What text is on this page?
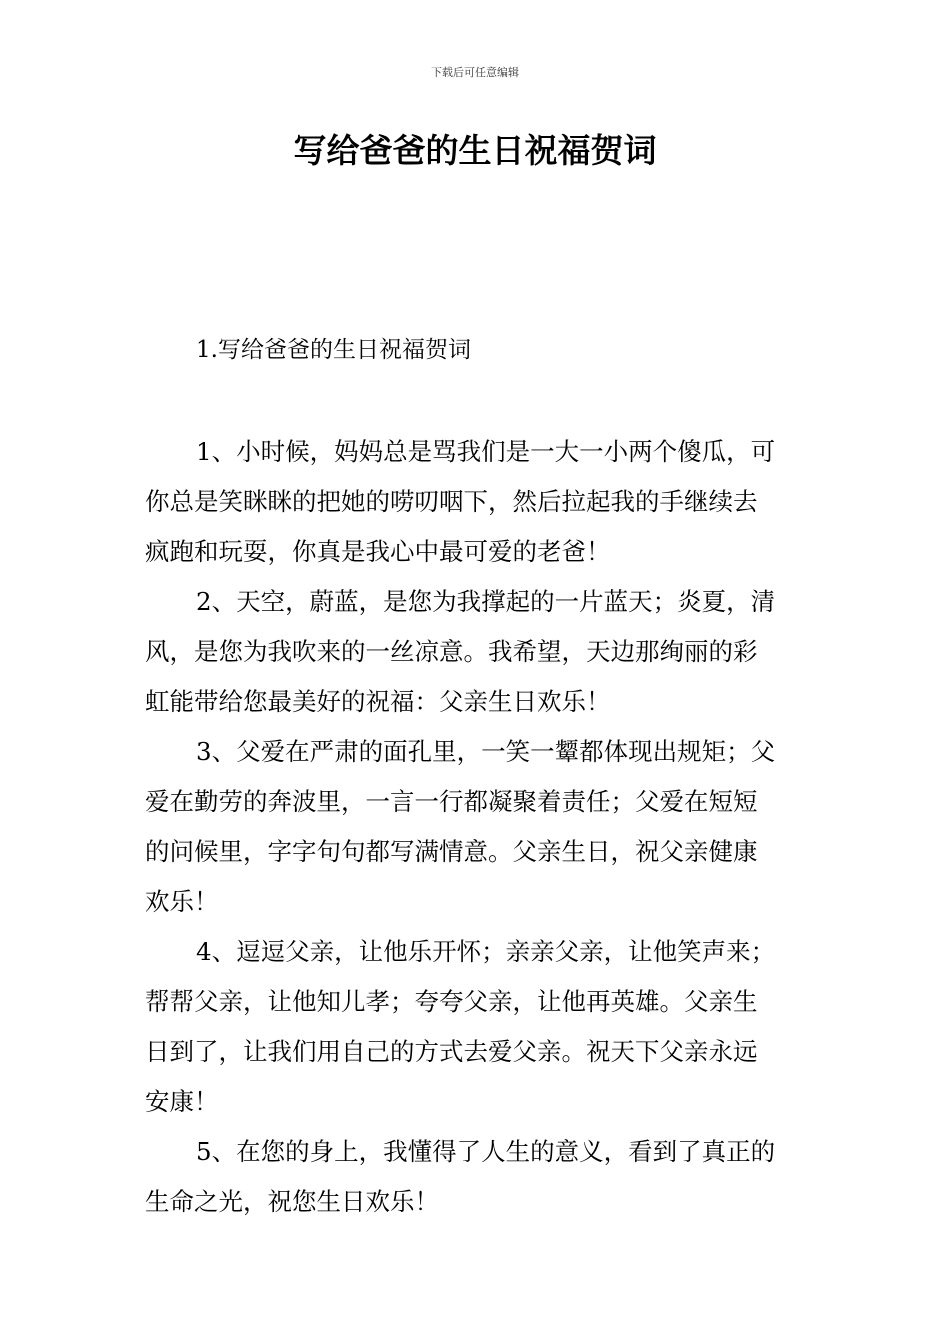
下载后可任意编辑
写给爸爸的生日祝福贺词

1.写给爸爸的生日祝福贺词

1、小时候，妈妈总是骂我们是一大一小两个傻瓜，可
你总是笑眯眯的把她的唠叨咽下，然后拉起我的手继续去
疯跑和玩耍，你真是我心中最可爱的老爸！
2、天空，蔚蓝，是您为我撑起的一片蓝天；炎夏，清
风，是您为我吹来的一丝凉意。我希望，天边那绚丽的彩
虹能带给您最美好的祝福：父亲生日欢乐！
3、父爱在严肃的面孔里，一笑一颦都体现出规矩；父
爱在勤劳的奔波里，一言一行都凝聚着责任；父爱在短短
的问候里，字字句句都写满情意。父亲生日，祝父亲健康
欢乐！
4、逗逗父亲，让他乐开怀；亲亲父亲，让他笑声来；
帮帮父亲，让他知儿孝；夸夸父亲，让他再英雄。父亲生
日到了，让我们用自己的方式去爱父亲。祝天下父亲永远
安康！
5、在您的身上，我懂得了人生的意义，看到了真正的
生命之光，祝您生日欢乐！
